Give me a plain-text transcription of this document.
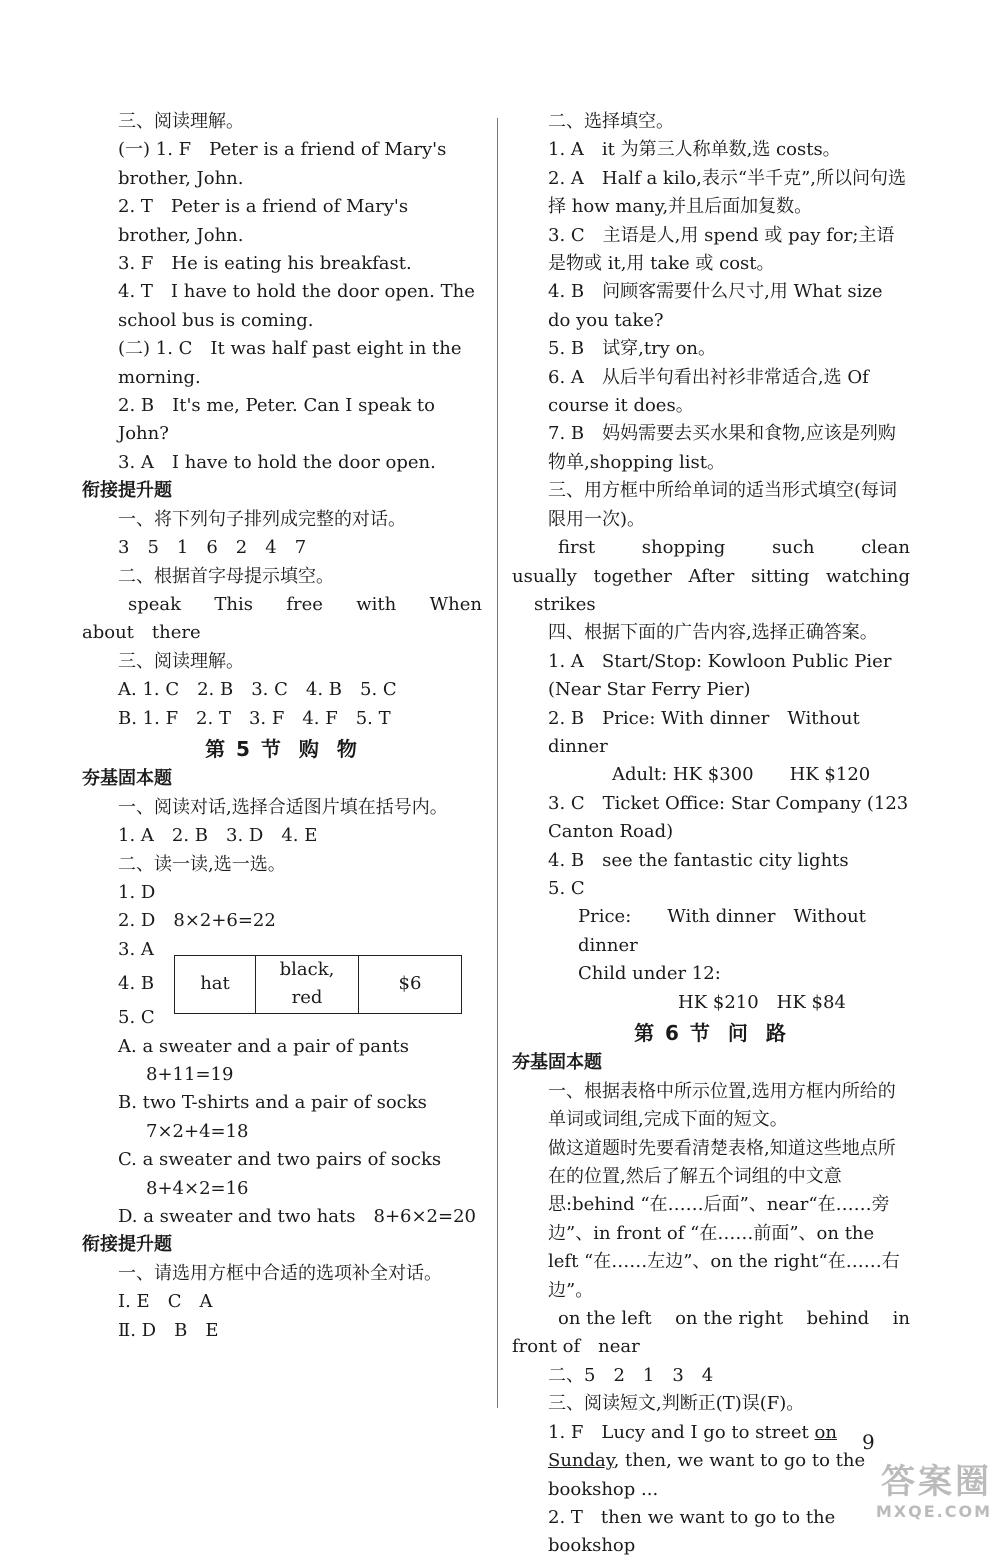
三、阅读理解。

(一) 1. F　Peter is a friend of Mary's brother, John.

2. T　Peter is a friend of Mary's brother, John.

3. F　He is eating his breakfast.

4. T　I have to hold the door open. The school bus is coming.

(二) 1. C　It was half past eight in the morning.

2. B　It's me, Peter. Can I speak to John?

3. A　I have to hold the door open.

衔接提升题

一、将下列句子排列成完整的对话。

3　5　1　6　2　4　7

二、根据首字母提示填空。

speak This free with When

about　there

三、阅读理解。

A. 1. C　2. B　3. C　4. B　5. C

B. 1. F　2. T　3. F　4. F　5. T

第 5 节 购 物

夯基固本题

一、阅读对话,选择合适图片填在括号内。

1. A　2. B　3. D　4. E

二、读一读,选一选。

1. D

2. D　8×2+6=22

3. A

4. B	hat	black, red	$6

5. C

A. a sweater and a pair of pants　8+11=19

B. two T-shirts and a pair of socks　7×2+4=18

C. a sweater and two pairs of socks 8+4×2=16

D. a sweater and two hats　8+6×2=20

衔接提升题

一、请选用方框中合适的选项补全对话。

Ⅰ. E　C　A

Ⅱ. D　B　E

二、选择填空。

1. A　it 为第三人称单数,选 costs。

2. A　Half a kilo,表示“半千克”,所以问句选择 how many,并且后面加复数。

3. C　主语是人,用 spend 或 pay for;主语是物或 it,用 take 或 cost。

4. B　问顾客需要什么尺寸,用 What size do you take?

5. B　试穿,try on。

6. A　从后半句看出衬衫非常适合,选 Of course it does。

7. B　妈妈需要去买水果和食物,应该是列购物单,shopping list。

三、用方框中所给单词的适当形式填空(每词限用一次)。

first	shopping	such	clean
usually together After sitting watching

strikes

四、根据下面的广告内容,选择正确答案。

1. A　Start/Stop: Kowloon Public Pier (Near Star Ferry Pier)

2. B　Price: With dinner　Without dinner

Adult: HK $300　　HK $120

3. C　Ticket Office: Star Company (123 Canton Road)

4. B　see the fantastic city lights

5. C

Price:　　With dinner　Without dinner

Child under 12:

HK $210　HK $84

第 6 节 问 路

夯基固本题

一、根据表格中所示位置,选用方框内所给的单词或词组,完成下面的短文。

做这道题时先要看清楚表格,知道这些地点所在的位置,然后了解五个词组的中文意思:behind “在……后面”、near“在……旁边”、in front of “在……前面”、on the left “在……左边”、on the right“在……右边”。

on the left on the right behind in

front of　near

二、5　2　1　3　4

三、阅读短文,判断正(T)误(F)。

1. F　Lucy and I go to street on Sunday, then, we want to go to the bookshop ...

2. T　then we want to go to the bookshop

9
答案圈
MXQE.COM
